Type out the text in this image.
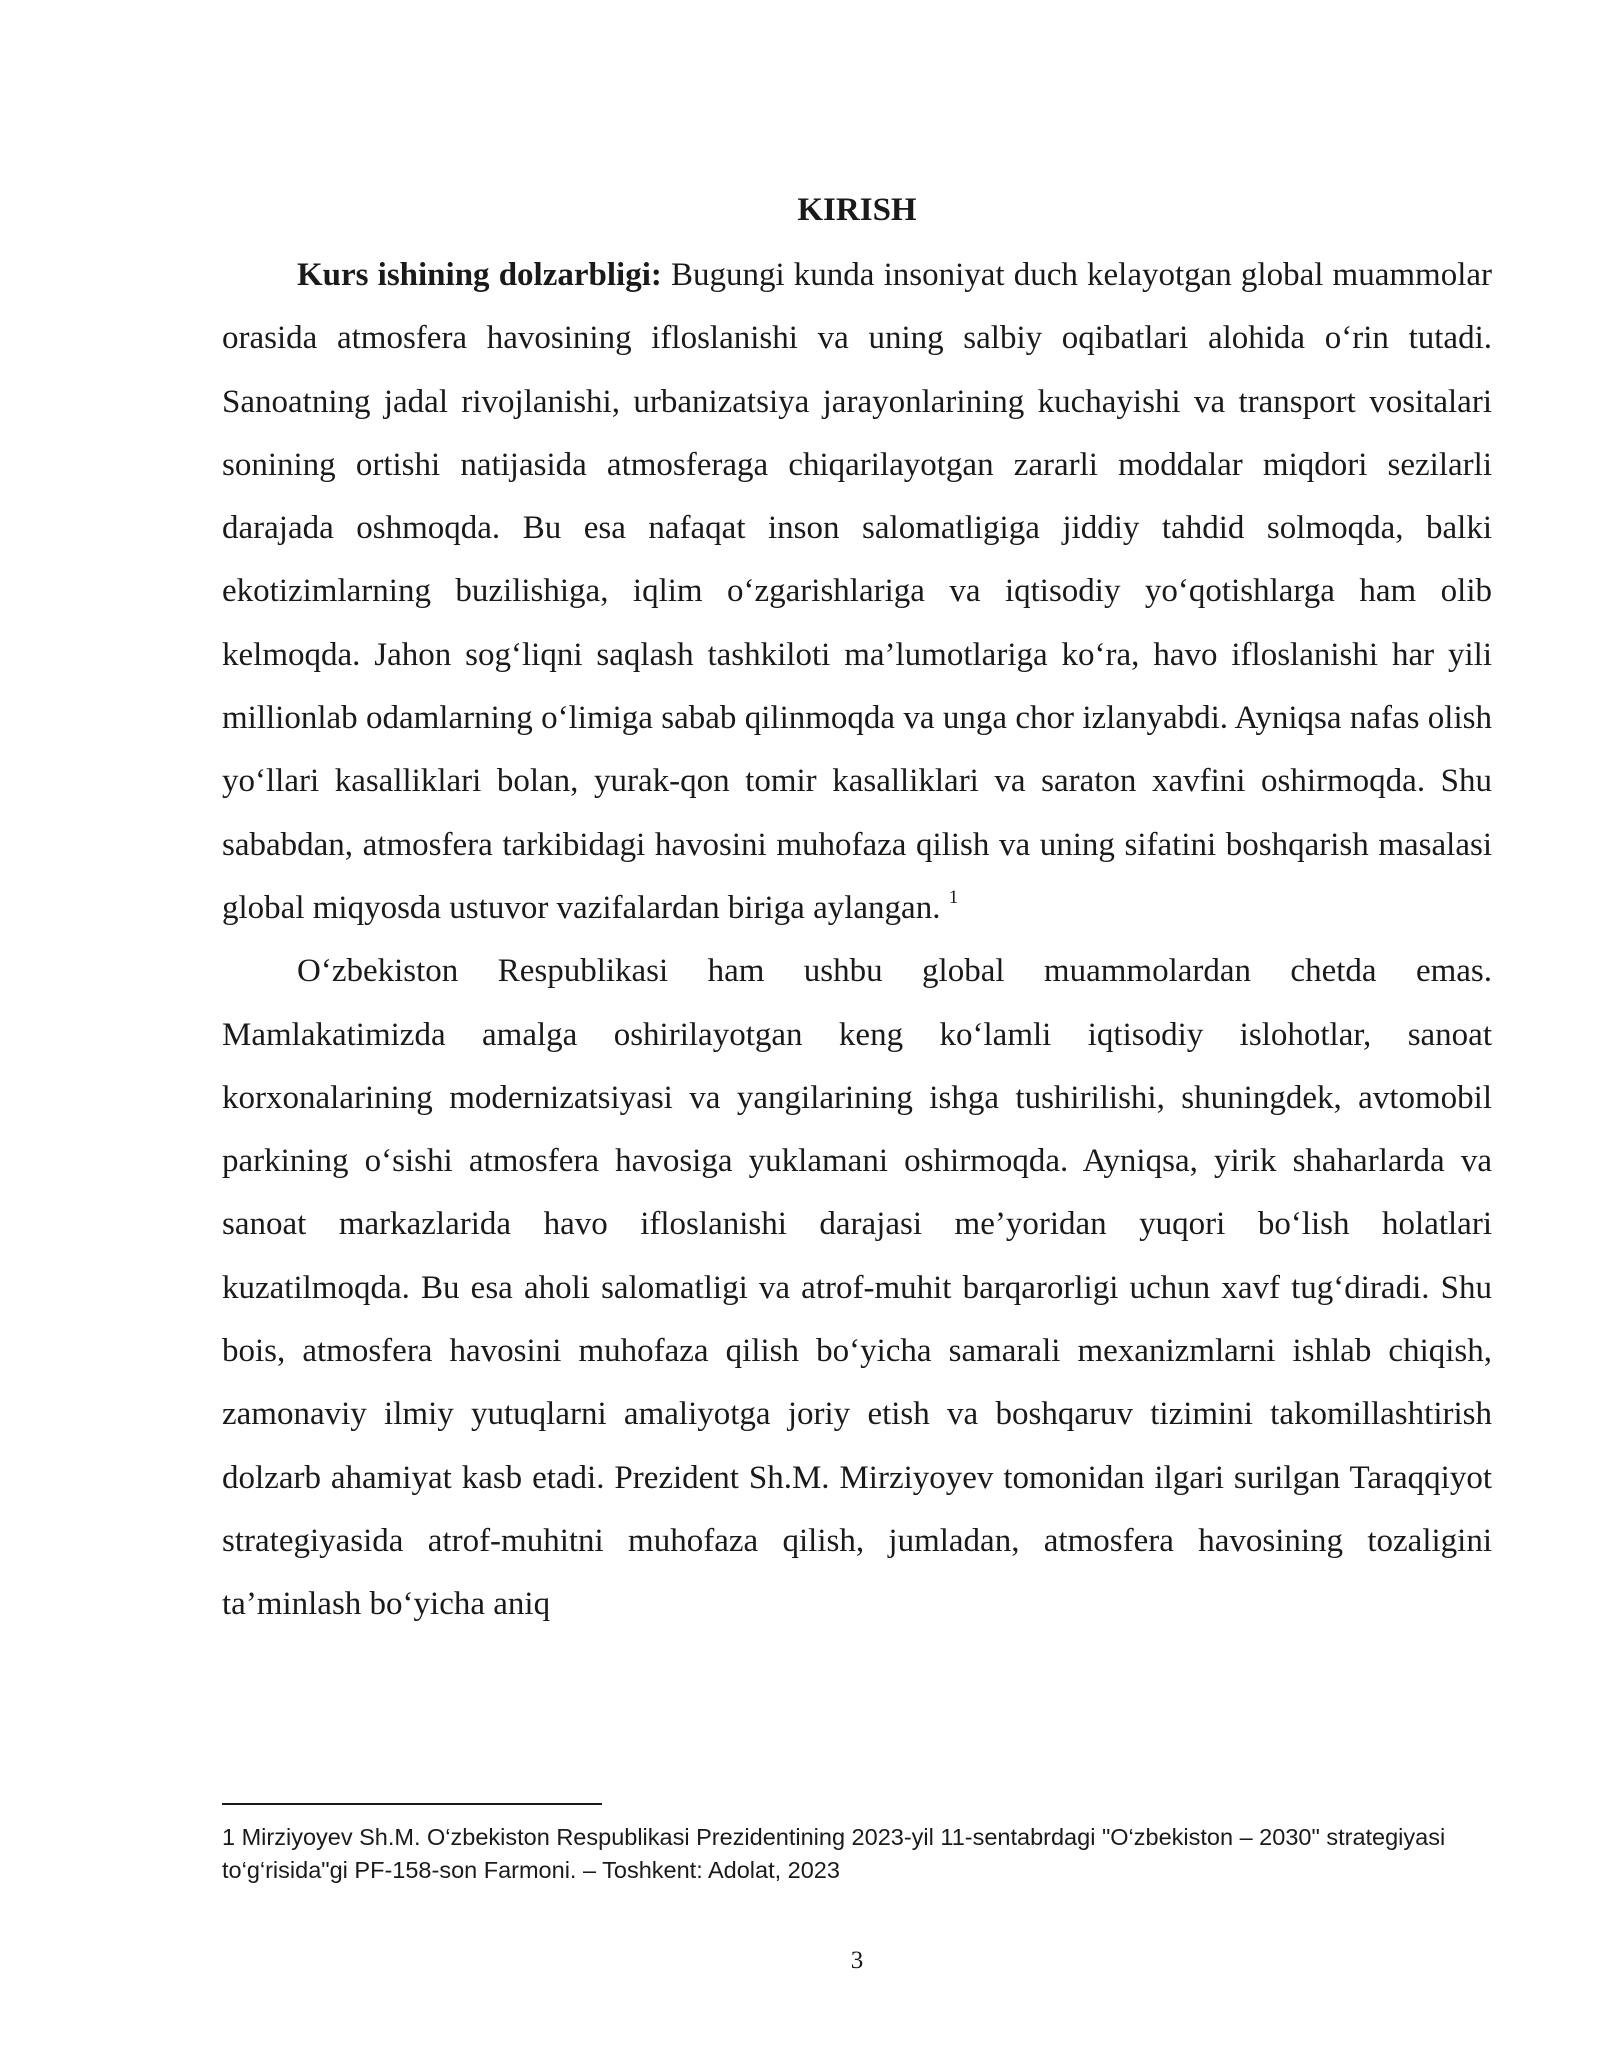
KIRISH

Kurs ishining dolzarbligi: Bugungi kunda insoniyat duch kelayotgan global muammolar orasida atmosfera havosining ifloslanishi va uning salbiy oqibatlari alohida o‘rin tutadi. Sanoatning jadal rivojlanishi, urbanizatsiya jarayonlarining kuchayishi va transport vositalari sonining ortishi natijasida atmosferaga chiqarilayotgan zararli moddalar miqdori sezilarli darajada oshmoqda. Bu esa nafaqat inson salomatligiga jiddiy tahdid solmoqda, balki ekotizimlarning buzilishiga, iqlim o‘zgarishlariga va iqtisodiy yo‘qotishlarga ham olib kelmoqda. Jahon sog‘liqni saqlash tashkiloti ma’lumotlariga ko‘ra, havo ifloslanishi har yili millionlab odamlarning o‘limiga sabab qilinmoqda va unga chor izlanyabdi. Ayniqsa nafas olish yo‘llari kasalliklari bolan, yurak-qon tomir kasalliklari va saraton xavfini oshirmoqda. Shu sababdan, atmosfera tarkibidagi havosini muhofaza qilish va uning sifatini boshqarish masalasi global miqyosda ustuvor vazifalardan biriga aylangan. $^1$

O‘zbekiston Respublikasi ham ushbu global muammolardan chetda emas. Mamlakatimizda amalga oshirilayotgan keng ko‘lamli iqtisodiy islohotlar, sanoat korxonalarining modernizatsiyasi va yangilarining ishga tushirilishi, shuningdek, avtomobil parkining o‘sishi atmosfera havosiga yuklamani oshirmoqda. Ayniqsa, yirik shaharlarda va sanoat markazlarida havo ifloslanishi darajasi me’yoridan yuqori bo‘lish holatlari kuzatilmoqda. Bu esa aholi salomatligi va atrof-muhit barqarorligi uchun xavf tug‘diradi. Shu bois, atmosfera havosini muhofaza qilish bo‘yicha samarali mexanizmlarni ishlab chiqish, zamonaviy ilmiy yutuqlarni amaliyotga joriy etish va boshqaruv tizimini takomillashtirish dolzarb ahamiyat kasb etadi. Prezident Sh.M. Mirziyoyev tomonidan ilgari surilgan Taraqqiyot strategiyasida atrof-muhitni muhofaza qilish, jumladan, atmosfera havosining tozaligini ta’minlash bo‘yicha aniq

1 Mirziyoyev Sh.M. O‘zbekiston Respublikasi Prezidentining 2023-yil 11-sentabrdagi "O‘zbekiston – 2030" strategiyasi to‘g‘risida"gi PF-158-son Farmoni. – Toshkent: Adolat, 2023

3
